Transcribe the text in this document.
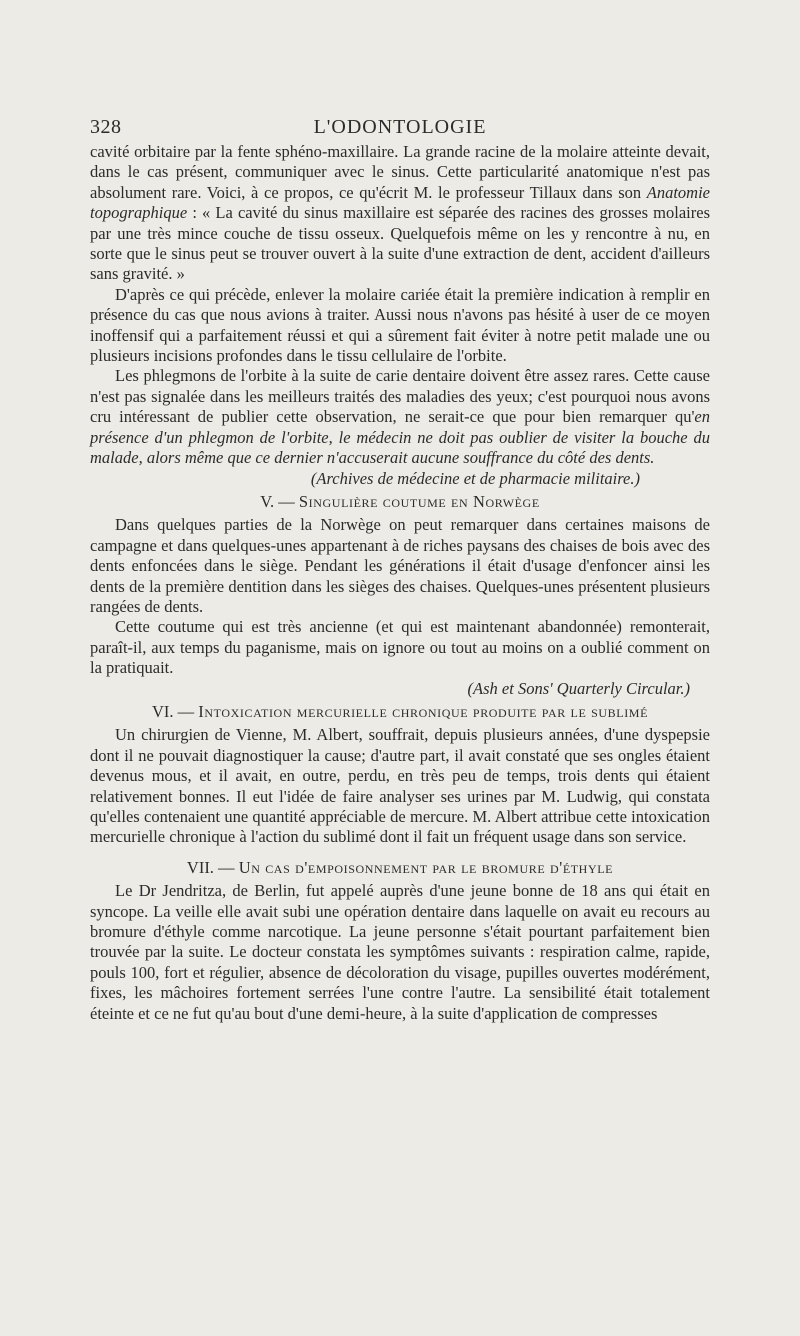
328	L'ODONTOLOGIE

cavité orbitaire par la fente sphéno-maxillaire. La grande racine de la molaire atteinte devait, dans le cas présent, communiquer avec le sinus. Cette particularité anatomique n'est pas absolument rare. Voici, à ce propos, ce qu'écrit M. le professeur Tillaux dans son Anatomie topographique : « La cavité du sinus maxillaire est séparée des racines des grosses molaires par une très mince couche de tissu osseux. Quelquefois même on les y rencontre à nu, en sorte que le sinus peut se trouver ouvert à la suite d'une extraction de dent, accident d'ailleurs sans gravité. »

D'après ce qui précède, enlever la molaire cariée était la première indication à remplir en présence du cas que nous avions à traiter. Aussi nous n'avons pas hésité à user de ce moyen inoffensif qui a parfaitement réussi et qui a sûrement fait éviter à notre petit malade une ou plusieurs incisions profondes dans le tissu cellulaire de l'orbite.

Les phlegmons de l'orbite à la suite de carie dentaire doivent être assez rares. Cette cause n'est pas signalée dans les meilleurs traités des maladies des yeux; c'est pourquoi nous avons cru intéressant de publier cette observation, ne serait-ce que pour bien remarquer qu'en présence d'un phlegmon de l'orbite, le médecin ne doit pas oublier de visiter la bouche du malade, alors même que ce dernier n'accuserait aucune souffrance du côté des dents.

(Archives de médecine et de pharmacie militaire.)

V. — Singulière coutume en Norwège

Dans quelques parties de la Norwège on peut remarquer dans certaines maisons de campagne et dans quelques-unes appartenant à de riches paysans des chaises de bois avec des dents enfoncées dans le siège. Pendant les générations il était d'usage d'enfoncer ainsi les dents de la première dentition dans les sièges des chaises. Quelques-unes présentent plusieurs rangées de dents.

Cette coutume qui est très ancienne (et qui est maintenant abandonnée) remonterait, paraît-il, aux temps du paganisme, mais on ignore ou tout au moins on a oublié comment on la pratiquait.

(Ash et Sons' Quarterly Circular.)

VI. — Intoxication mercurielle chronique produite par le sublimé

Un chirurgien de Vienne, M. Albert, souffrait, depuis plusieurs années, d'une dyspepsie dont il ne pouvait diagnostiquer la cause; d'autre part, il avait constaté que ses ongles étaient devenus mous, et il avait, en outre, perdu, en très peu de temps, trois dents qui étaient relativement bonnes. Il eut l'idée de faire analyser ses urines par M. Ludwig, qui constata qu'elles contenaient une quantité appréciable de mercure. M. Albert attribue cette intoxication mercurielle chronique à l'action du sublimé dont il fait un fréquent usage dans son service.

VII. — Un cas d'empoisonnement par le bromure d'éthyle

Le Dr Jendritza, de Berlin, fut appelé auprès d'une jeune bonne de 18 ans qui était en syncope. La veille elle avait subi une opération dentaire dans laquelle on avait eu recours au bromure d'éthyle comme narcotique. La jeune personne s'était pourtant parfaitement bien trouvée par la suite. Le docteur constata les symptômes suivants : respiration calme, rapide, pouls 100, fort et régulier, absence de décoloration du visage, pupilles ouvertes modérément, fixes, les mâchoires fortement serrées l'une contre l'autre. La sensibilité était totalement éteinte et ce ne fut qu'au bout d'une demi-heure, à la suite d'application de compresses
